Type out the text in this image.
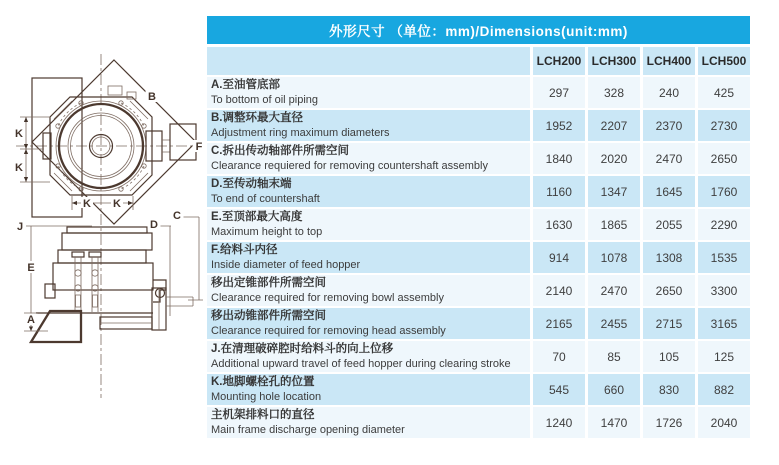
B
K
K
K K
F
C
D
J
E
A
外形尺寸 （单位：mm)/Dimensions(unit:mm)
LCH200 LCH300 LCH400 LCH500
A.至油管底部
To bottom of oil piping
297	328	240	425
B.调整环最大直径
Adjustment ring maximum diameters
1952	2207	2370	2730
C.拆出传动轴部件所需空间
Clearance requiered for removing countershaft assembly
1840	2020	2470	2650
D.至传动轴末端
To end of countershaft
1160	1347	1645	1760
E.至顶部最大高度
Maximum height to top
1630	1865	2055	2290
F.给料斗内径
Inside diameter of feed hopper
914	1078	1308	1535
移出定锥部件所需空间
Clearance required for removing bowl assembly
2140	2470	2650	3300
移出动锥部件所需空间
Clearance required for removing head assembly
2165	2455	2715	3165
J.在清理破碎腔时给料斗的向上位移
Additional upward travel of feed hopper during clearing stroke
70	85	105	125
K.地脚螺栓孔的位置
Mounting hole location
545	660	830	882
主机架排料口的直径
Main frame discharge opening diameter
1240	1470	1726	2040
